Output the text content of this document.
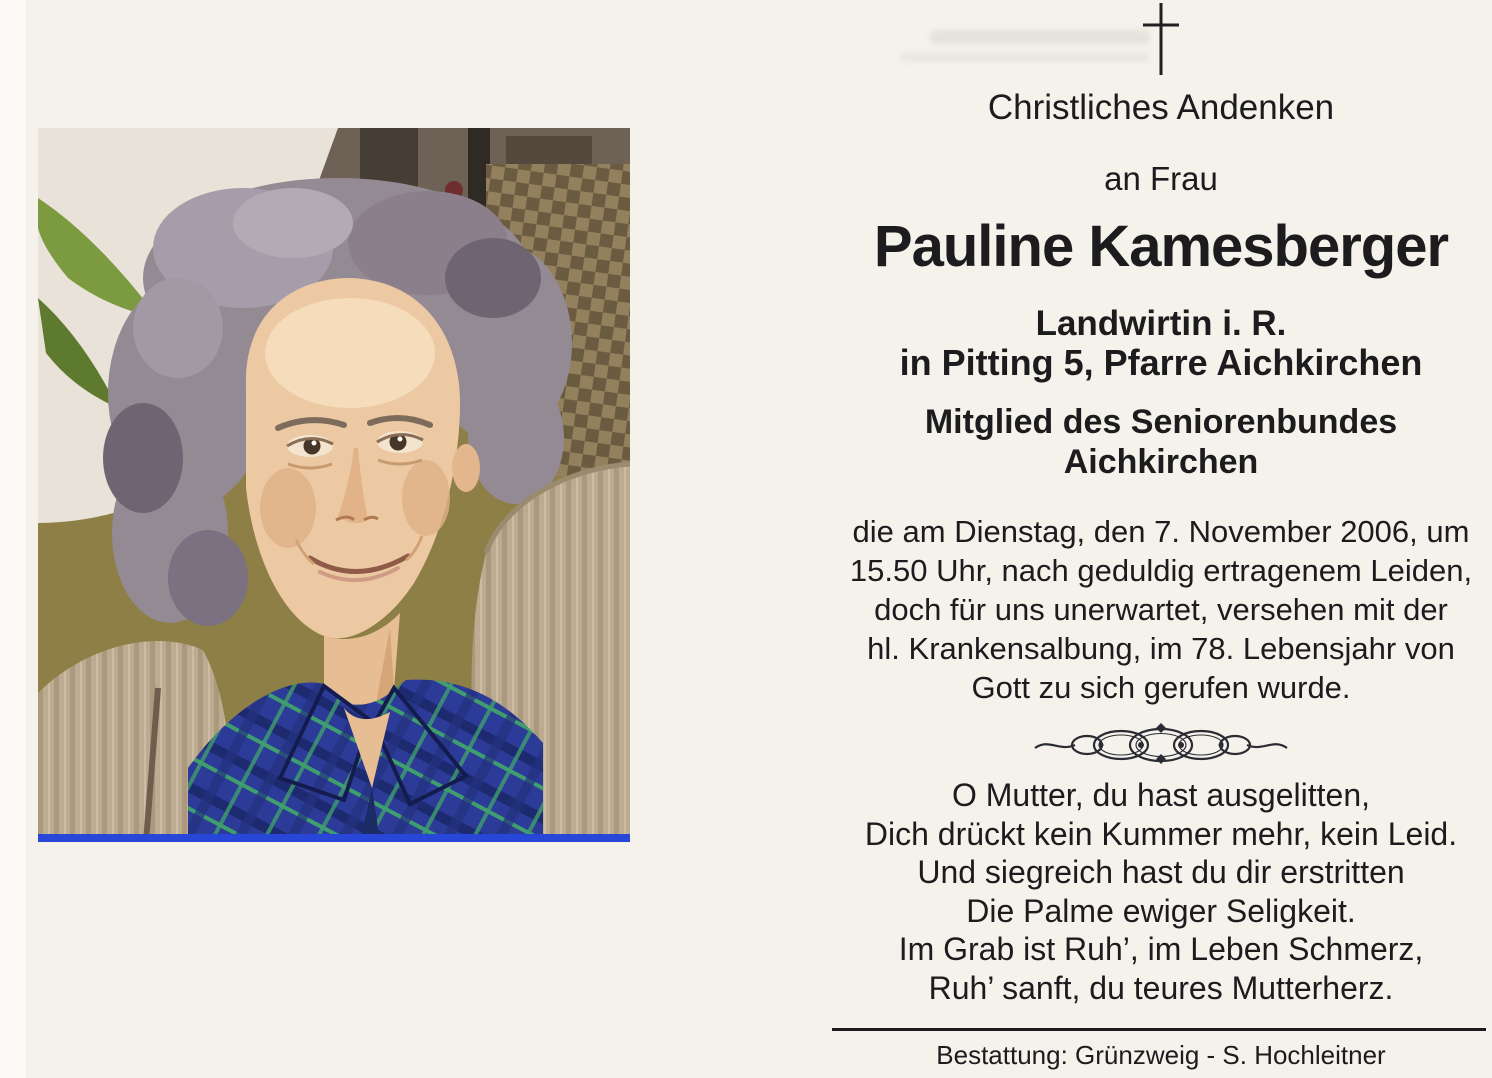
Christliches Andenken
an Frau
Pauline Kamesberger
Landwirtin i. R.
in Pitting 5, Pfarre Aichkirchen
Mitglied des Seniorenbundes
Aichkirchen
die am Dienstag, den 7. November 2006, um
15.50 Uhr, nach geduldig ertragenem Leiden,
doch für uns unerwartet, versehen mit der
hl. Krankensalbung, im 78. Lebensjahr von
Gott zu sich gerufen wurde.
O Mutter, du hast ausgelitten,
Dich drückt kein Kummer mehr, kein Leid.
Und siegreich hast du dir erstritten
Die Palme ewiger Seligkeit.
Im Grab ist Ruh’, im Leben Schmerz,
Ruh’ sanft, du teures Mutterherz.
Bestattung: Grünzweig - S. Hochleitner
